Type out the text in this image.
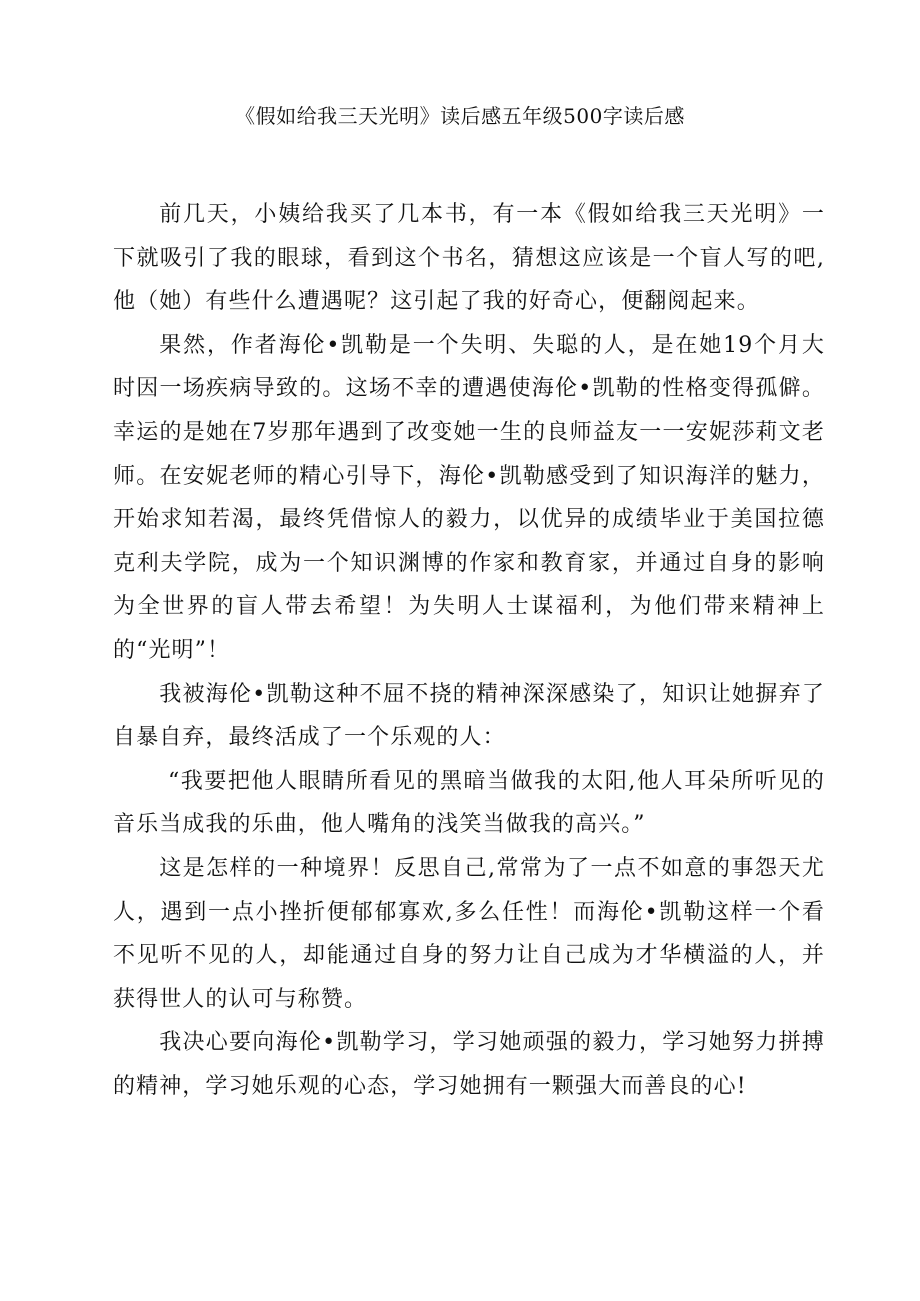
《假如给我三天光明》读后感五年级500字读后感

前几天，小姨给我买了几本书，有一本《假如给我三天光明》一下就吸引了我的眼球，看到这个书名，猜想这应该是一个盲人写的吧,他（她）有些什么遭遇呢？这引起了我的好奇心，便翻阅起来。

果然，作者海伦•凯勒是一个失明、失聪的人，是在她19个月大时因一场疾病导致的。这场不幸的遭遇使海伦•凯勒的性格变得孤僻。幸运的是她在7岁那年遇到了改变她一生的良师益友一一安妮莎莉文老师。在安妮老师的精心引导下，海伦•凯勒感受到了知识海洋的魅力，开始求知若渴，最终凭借惊人的毅力，以优异的成绩毕业于美国拉德克利夫学院，成为一个知识渊博的作家和教育家，并通过自身的影响为全世界的盲人带去希望！为失明人士谋福利，为他们带来精神上的“光明”！

我被海伦•凯勒这种不屈不挠的精神深深感染了，知识让她摒弃了自暴自弃，最终活成了一个乐观的人：

“我要把他人眼睛所看见的黑暗当做我的太阳,他人耳朵所听见的音乐当成我的乐曲，他人嘴角的浅笑当做我的高兴。”

这是怎样的一种境界！反思自己,常常为了一点不如意的事怨天尤人，遇到一点小挫折便郁郁寡欢,多么任性！而海伦•凯勒这样一个看不见听不见的人，却能通过自身的努力让自己成为才华横溢的人，并获得世人的认可与称赞。

我决心要向海伦•凯勒学习，学习她顽强的毅力，学习她努力拼搏的精神，学习她乐观的心态，学习她拥有一颗强大而善良的心!
